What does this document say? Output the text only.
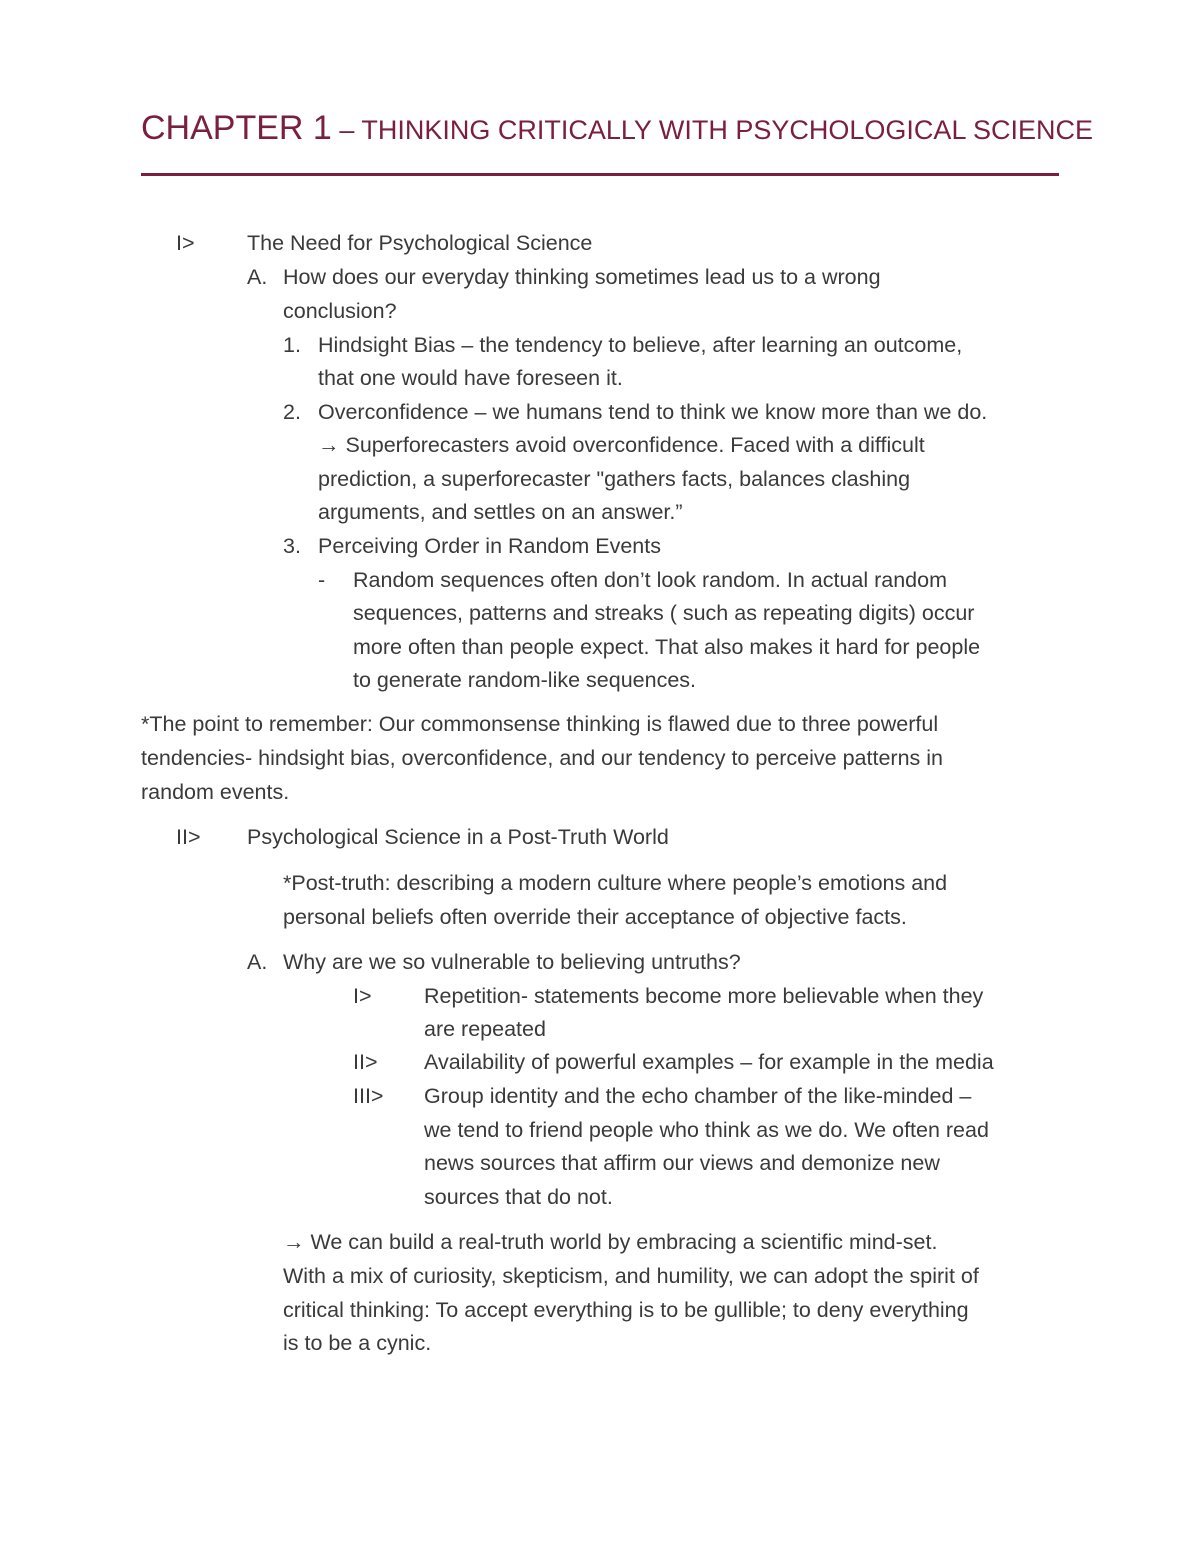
CHAPTER 1 – THINKING CRITICALLY WITH PSYCHOLOGICAL SCIENCE
I> The Need for Psychological Science
A. How does our everyday thinking sometimes lead us to a wrong
conclusion?
1. Hindsight Bias – the tendency to believe, after learning an outcome,
that one would have foreseen it.
2. Overconfidence – we humans tend to think we know more than we do.
→ Superforecasters avoid overconfidence. Faced with a difficult
prediction, a superforecaster "gathers facts, balances clashing
arguments, and settles on an answer.”
3. Perceiving Order in Random Events
- Random sequences often don’t look random. In actual random
sequences, patterns and streaks ( such as repeating digits) occur
more often than people expect. That also makes it hard for people
to generate random-like sequences.
*The point to remember: Our commonsense thinking is flawed due to three powerful
tendencies- hindsight bias, overconfidence, and our tendency to perceive patterns in
random events.
II> Psychological Science in a Post-Truth World
*Post-truth: describing a modern culture where people’s emotions and
personal beliefs often override their acceptance of objective facts.
A. Why are we so vulnerable to believing untruths?
I> Repetition- statements become more believable when they
are repeated
II> Availability of powerful examples – for example in the media
III> Group identity and the echo chamber of the like-minded –
we tend to friend people who think as we do. We often read
news sources that affirm our views and demonize new
sources that do not.
→ We can build a real-truth world by embracing a scientific mind-set.
With a mix of curiosity, skepticism, and humility, we can adopt the spirit of
critical thinking: To accept everything is to be gullible; to deny everything
is to be a cynic.
